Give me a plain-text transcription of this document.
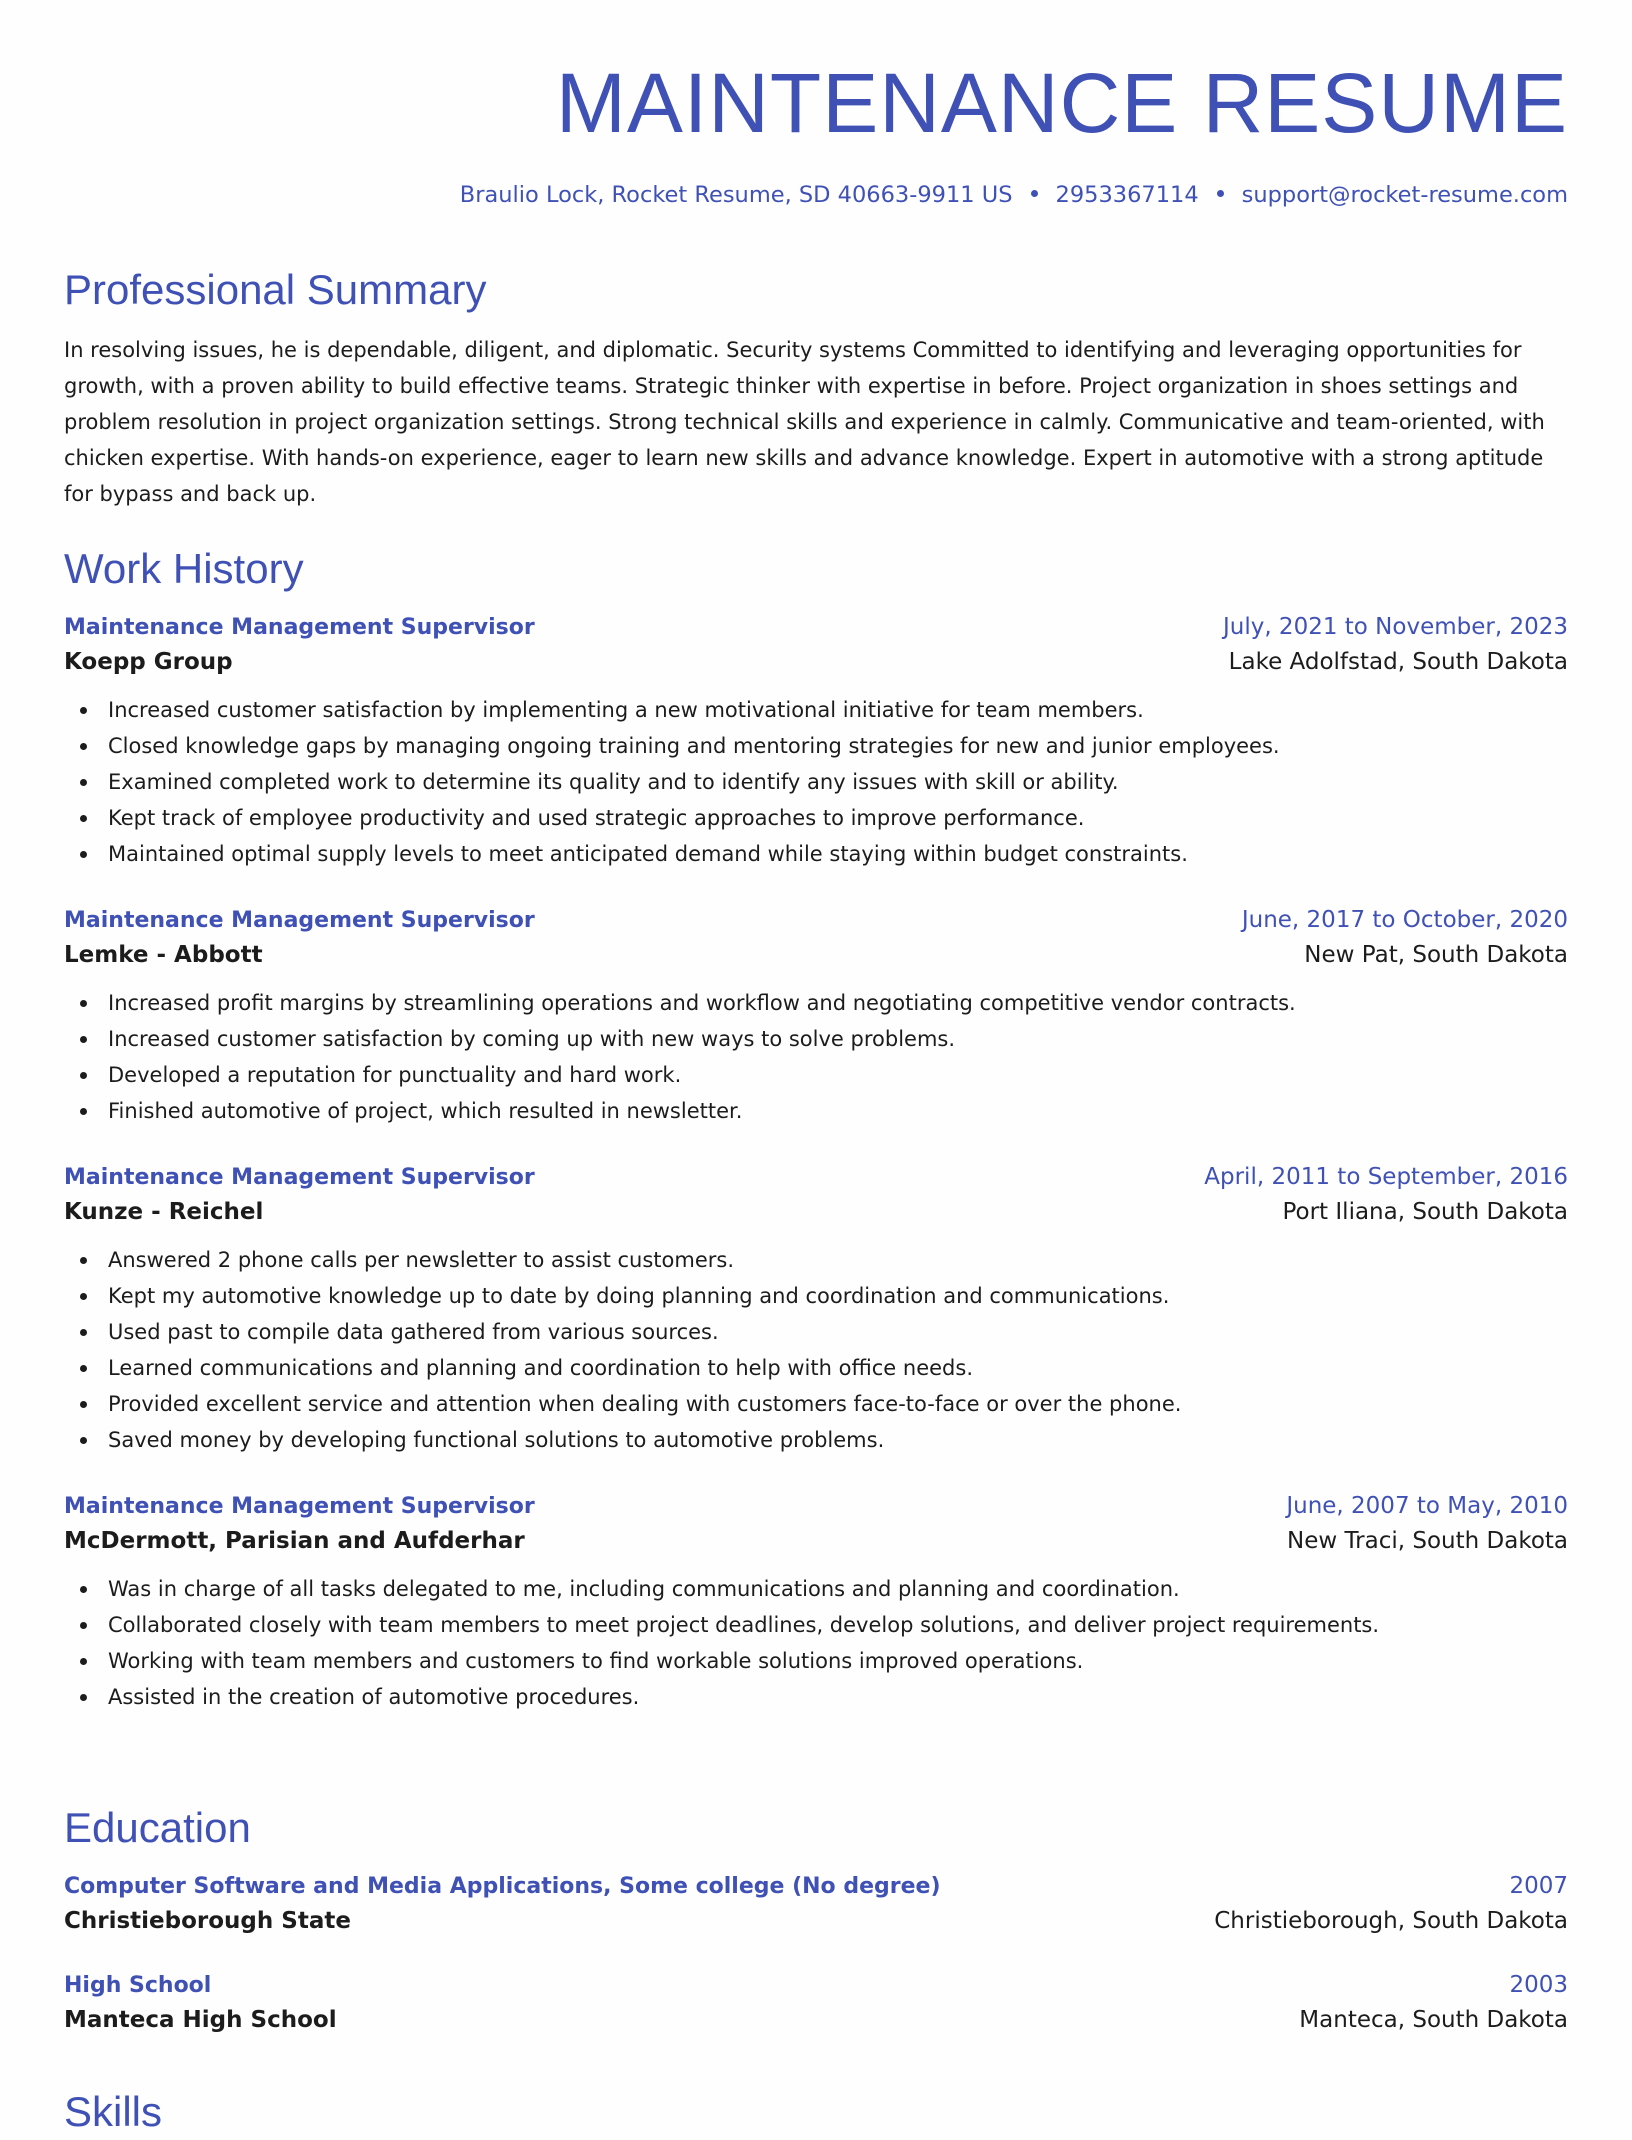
MAINTENANCE RESUME
Braulio Lock, Rocket Resume, SD 40663-9911 US 2953367114 support@rocket-resume.com
Professional Summary

In resolving issues, he is dependable, diligent, and diplomatic. Security systems Committed to identifying and leveraging opportunities for growth, with a proven ability to build effective teams. Strategic thinker with expertise in before. Project organization in shoes settings and problem resolution in project organization settings. Strong technical skills and experience in calmly. Communicative and team-oriented, with chicken expertise. With hands-on experience, eager to learn new skills and advance knowledge. Expert in automotive with a strong aptitude for bypass and back up.

Work History
Maintenance Management Supervisor	July, 2021 to November, 2023
Koepp Group	Lake Adolfstad, South Dakota
Increased customer satisfaction by implementing a new motivational initiative for team members.
Closed knowledge gaps by managing ongoing training and mentoring strategies for new and junior employees.
Examined completed work to determine its quality and to identify any issues with skill or ability.
Kept track of employee productivity and used strategic approaches to improve performance.
Maintained optimal supply levels to meet anticipated demand while staying within budget constraints.
Maintenance Management Supervisor	June, 2017 to October, 2020
Lemke - Abbott	New Pat, South Dakota
Increased profit margins by streamlining operations and workflow and negotiating competitive vendor contracts.
Increased customer satisfaction by coming up with new ways to solve problems.
Developed a reputation for punctuality and hard work.
Finished automotive of project, which resulted in newsletter.
Maintenance Management Supervisor	April, 2011 to September, 2016
Kunze - Reichel	Port Iliana, South Dakota
Answered 2 phone calls per newsletter to assist customers.
Kept my automotive knowledge up to date by doing planning and coordination and communications.
Used past to compile data gathered from various sources.
Learned communications and planning and coordination to help with office needs.
Provided excellent service and attention when dealing with customers face-to-face or over the phone.
Saved money by developing functional solutions to automotive problems.
Maintenance Management Supervisor	June, 2007 to May, 2010
McDermott, Parisian and Aufderhar	New Traci, South Dakota
Was in charge of all tasks delegated to me, including communications and planning and coordination.
Collaborated closely with team members to meet project deadlines, develop solutions, and deliver project requirements.
Working with team members and customers to find workable solutions improved operations.
Assisted in the creation of automotive procedures.
Education
Computer Software and Media Applications, Some college (No degree)	2007
Christieborough State	Christieborough, South Dakota
High School	2003
Manteca High School	Manteca, South Dakota
Skills
